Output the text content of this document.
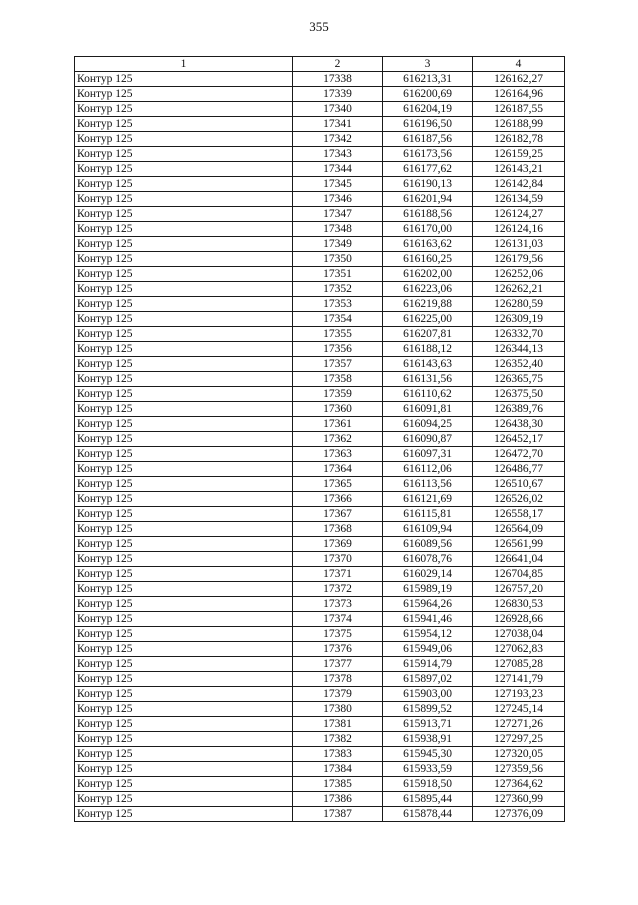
355
1	2	3	4
Контур 125	17338	616213,31	126162,27
Контур 125	17339	616200,69	126164,96
Контур 125	17340	616204,19	126187,55
Контур 125	17341	616196,50	126188,99
Контур 125	17342	616187,56	126182,78
Контур 125	17343	616173,56	126159,25
Контур 125	17344	616177,62	126143,21
Контур 125	17345	616190,13	126142,84
Контур 125	17346	616201,94	126134,59
Контур 125	17347	616188,56	126124,27
Контур 125	17348	616170,00	126124,16
Контур 125	17349	616163,62	126131,03
Контур 125	17350	616160,25	126179,56
Контур 125	17351	616202,00	126252,06
Контур 125	17352	616223,06	126262,21
Контур 125	17353	616219,88	126280,59
Контур 125	17354	616225,00	126309,19
Контур 125	17355	616207,81	126332,70
Контур 125	17356	616188,12	126344,13
Контур 125	17357	616143,63	126352,40
Контур 125	17358	616131,56	126365,75
Контур 125	17359	616110,62	126375,50
Контур 125	17360	616091,81	126389,76
Контур 125	17361	616094,25	126438,30
Контур 125	17362	616090,87	126452,17
Контур 125	17363	616097,31	126472,70
Контур 125	17364	616112,06	126486,77
Контур 125	17365	616113,56	126510,67
Контур 125	17366	616121,69	126526,02
Контур 125	17367	616115,81	126558,17
Контур 125	17368	616109,94	126564,09
Контур 125	17369	616089,56	126561,99
Контур 125	17370	616078,76	126641,04
Контур 125	17371	616029,14	126704,85
Контур 125	17372	615989,19	126757,20
Контур 125	17373	615964,26	126830,53
Контур 125	17374	615941,46	126928,66
Контур 125	17375	615954,12	127038,04
Контур 125	17376	615949,06	127062,83
Контур 125	17377	615914,79	127085,28
Контур 125	17378	615897,02	127141,79
Контур 125	17379	615903,00	127193,23
Контур 125	17380	615899,52	127245,14
Контур 125	17381	615913,71	127271,26
Контур 125	17382	615938,91	127297,25
Контур 125	17383	615945,30	127320,05
Контур 125	17384	615933,59	127359,56
Контур 125	17385	615918,50	127364,62
Контур 125	17386	615895,44	127360,99
Контур 125	17387	615878,44	127376,09
